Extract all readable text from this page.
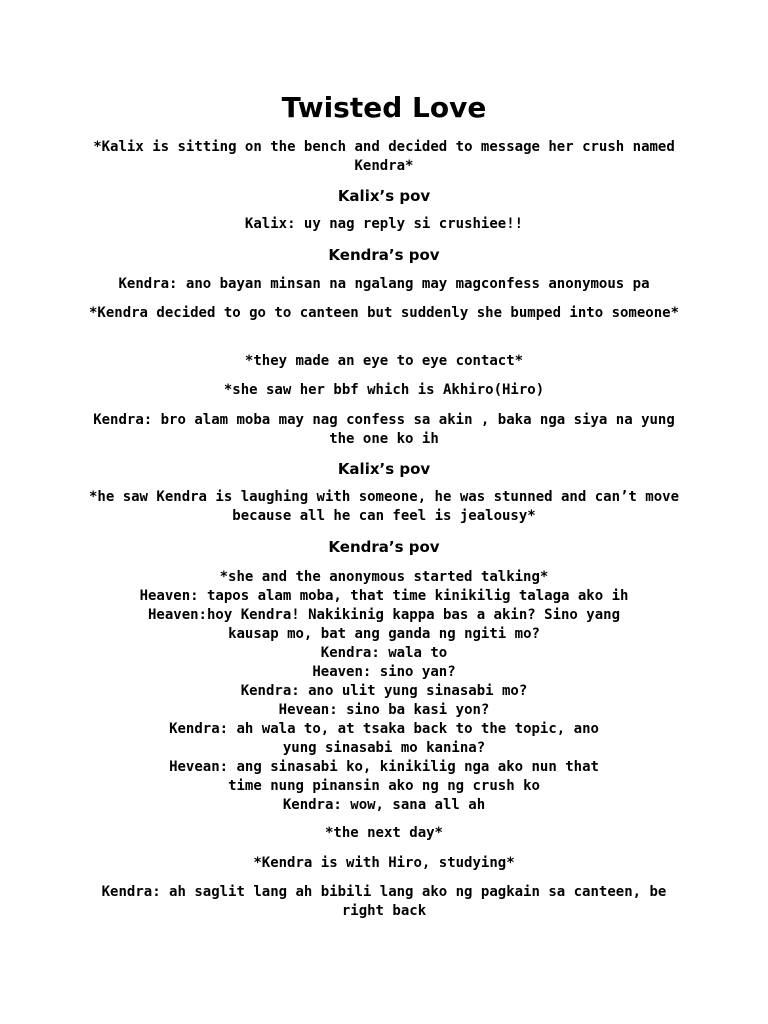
Twisted Love

*Kalix is sitting on the bench and decided to message her crush named Kendra*

Kalix’s pov

Kalix: uy nag reply si crushiee!!

Kendra’s pov

Kendra: ano bayan minsan na ngalang may magconfess anonymous pa

*Kendra decided to go to canteen but suddenly she bumped into someone*

*they made an eye to eye contact*

*she saw her bbf which is Akhiro(Hiro)

Kendra: bro alam moba may nag confess sa akin , baka nga siya na yung the one ko ih

Kalix’s pov

*he saw Kendra is laughing with someone, he was stunned and can’t move because all he can feel is jealousy*

Kendra’s pov

*she and the anonymous started talking*
Heaven: tapos alam moba, that time kinikilig talaga ako ih
Heaven:hoy Kendra! Nakikinig kappa bas a akin? Sino yang kausap mo, bat ang ganda ng ngiti mo?
Kendra: wala to
Heaven: sino yan?
Kendra: ano ulit yung sinasabi mo?
Hevean: sino ba kasi yon?
Kendra: ah wala to, at tsaka back to the topic, ano yung sinasabi mo kanina?
Hevean: ang sinasabi ko, kinikilig nga ako nun that time nung pinansin ako ng ng crush ko
Kendra: wow, sana all ah

*the next day*

*Kendra is with Hiro, studying*

Kendra: ah saglit lang ah bibili lang ako ng pagkain sa canteen, be right back
